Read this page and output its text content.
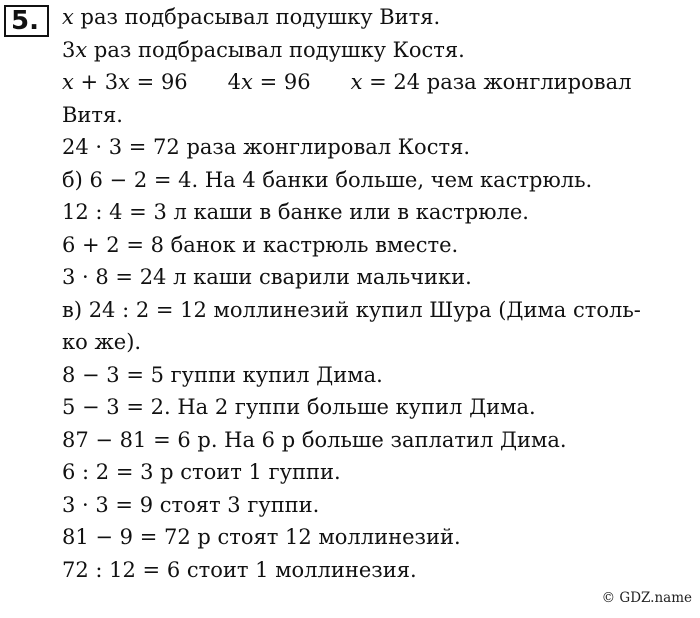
5.	x раз подбрасывал подушку Витя.
3x раз подбрасывал подушку Костя.
x + 3x = 96 4x = 96 x = 24 раза жонглировал
Витя.
24 · 3 = 72 раза жонглировал Костя.
б) 6 − 2 = 4. На 4 банки больше, чем кастрюль.
12 : 4 = 3 л каши в банке или в кастрюле.
6 + 2 = 8 банок и кастрюль вместе.
3 · 8 = 24 л каши сварили мальчики.
в) 24 : 2 = 12 моллинезий купил Шура (Дима столь-
ко же).
8 − 3 = 5 гуппи купил Дима.
5 − 3 = 2. На 2 гуппи больше купил Дима.
87 − 81 = 6 р. На 6 р больше заплатил Дима.
6 : 2 = 3 р стоит 1 гуппи.
3 · 3 = 9 стоят 3 гуппи.
81 − 9 = 72 р стоят 12 моллинезий.
72 : 12 = 6 стоит 1 моллинезия.
© GDZ.name
